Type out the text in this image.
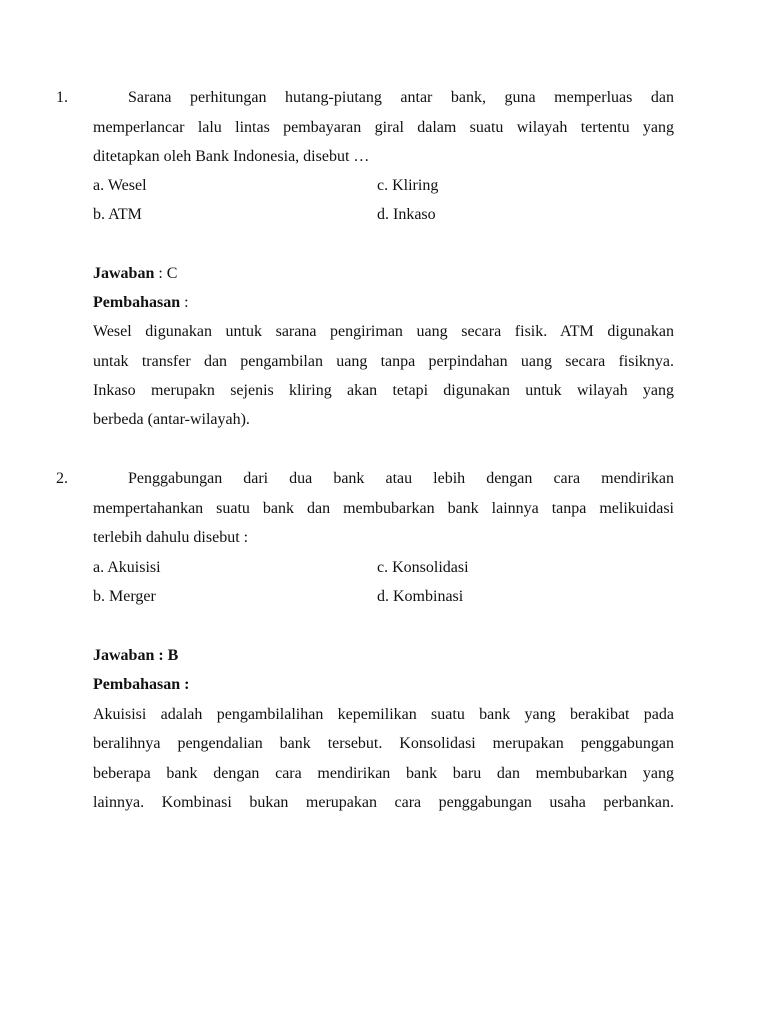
1.	Sarana perhitungan hutang-piutang antar bank, guna memperluas dan
memperlancar lalu lintas pembayaran giral dalam suatu wilayah tertentu yang
ditetapkan oleh Bank Indonesia, disebut …
a. Wesel	c. Kliring
b. ATM	d. Inkaso
Jawaban : C
Pembahasan :
Wesel digunakan untuk sarana pengiriman uang secara fisik. ATM digunakan
untak transfer dan pengambilan uang tanpa perpindahan uang secara fisiknya.
Inkaso merupakn sejenis kliring akan tetapi digunakan untuk wilayah yang
berbeda (antar-wilayah).
2.	Penggabungan dari dua bank atau lebih dengan cara mendirikan
mempertahankan suatu bank dan membubarkan bank lainnya tanpa melikuidasi
terlebih dahulu disebut :
a. Akuisisi	c. Konsolidasi
b. Merger	d. Kombinasi
Jawaban : B
Pembahasan :
Akuisisi adalah pengambilalihan kepemilikan suatu bank yang berakibat pada
beralihnya pengendalian bank tersebut. Konsolidasi merupakan penggabungan
beberapa bank dengan cara mendirikan bank baru dan membubarkan yang
lainnya. Kombinasi bukan merupakan cara penggabungan usaha perbankan.
